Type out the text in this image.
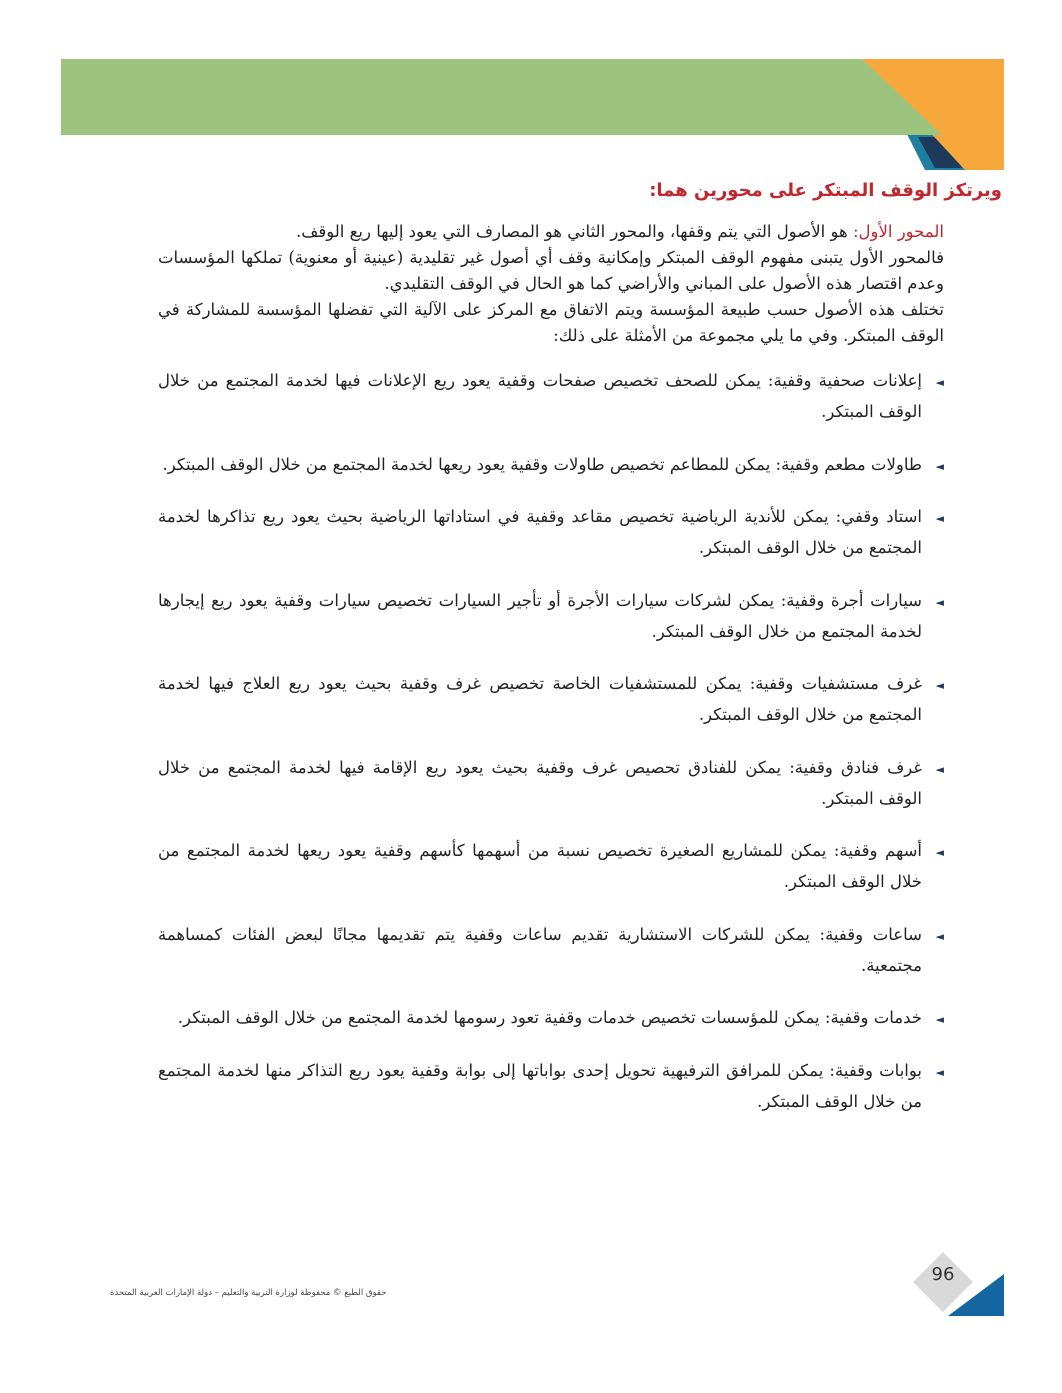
ويرتكز الوقف المبتكر على محورين هما:

المحور الأول: هو الأصول التي يتم وقفها، والمحور الثاني هو المصارف التي يعود إليها ريع الوقف.

فالمحور الأول يتبنى مفهوم الوقف المبتكر وإمكانية وقف أي أصول غير تقليدية (عينية أو معنوية) تملكها المؤسسات وعدم اقتصار هذه الأصول على المباني والأراضي كما هو الحال في الوقف التقليدي.

تختلف هذه الأصول حسب طبيعة المؤسسة ويتم الاتفاق مع المركز على الآلية التي تفضلها المؤسسة للمشاركة في الوقف المبتكر. وفي ما يلي مجموعة من الأمثلة على ذلك:

◄
إعلانات صحفية وقفية: يمكن للصحف تخصيص صفحات وقفية يعود ريع الإعلانات فيها لخدمة المجتمع من خلال الوقف المبتكر.
◄
طاولات مطعم وقفية: يمكن للمطاعم تخصيص طاولات وقفية يعود ريعها لخدمة المجتمع من خلال الوقف المبتكر.
◄
استاد وقفي: يمكن للأندية الرياضية تخصيص مقاعد وقفية في استاداتها الرياضية بحيث يعود ريع تذاكرها لخدمة المجتمع من خلال الوقف المبتكر.
◄
سيارات أجرة وقفية: يمكن لشركات سيارات الأجرة أو تأجير السيارات تخصيص سيارات وقفية يعود ريع إيجارها لخدمة المجتمع من خلال الوقف المبتكر.
◄
غرف مستشفيات وقفية: يمكن للمستشفيات الخاصة تخصيص غرف وقفية بحيث يعود ريع العلاج فيها لخدمة المجتمع من خلال الوقف المبتكر.
◄
غرف فنادق وقفية: يمكن للفنادق تحصيص غرف وقفية بحيث يعود ريع الإقامة فيها لخدمة المجتمع من خلال الوقف المبتكر.
◄
أسهم وقفية: يمكن للمشاريع الصغيرة تخصيص نسبة من أسهمها كأسهم وقفية يعود ريعها لخدمة المجتمع من خلال الوقف المبتكر.
◄
ساعات وقفية: يمكن للشركات الاستشارية تقديم ساعات وقفية يتم تقديمها مجانًا لبعض الفئات كمساهمة مجتمعية.
◄
خدمات وقفية: يمكن للمؤسسات تخصيص خدمات وقفية تعود رسومها لخدمة المجتمع من خلال الوقف المبتكر.
◄
بوابات وقفية: يمكن للمرافق الترفيهية تحويل إحدى بواباتها إلى بوابة وقفية يعود ريع التذاكر منها لخدمة المجتمع من خلال الوقف المبتكر.
96
حقوق الطبع © محفوظة لوزارة التربية والتعليم – دولة الإمارات العربية المتحدة
